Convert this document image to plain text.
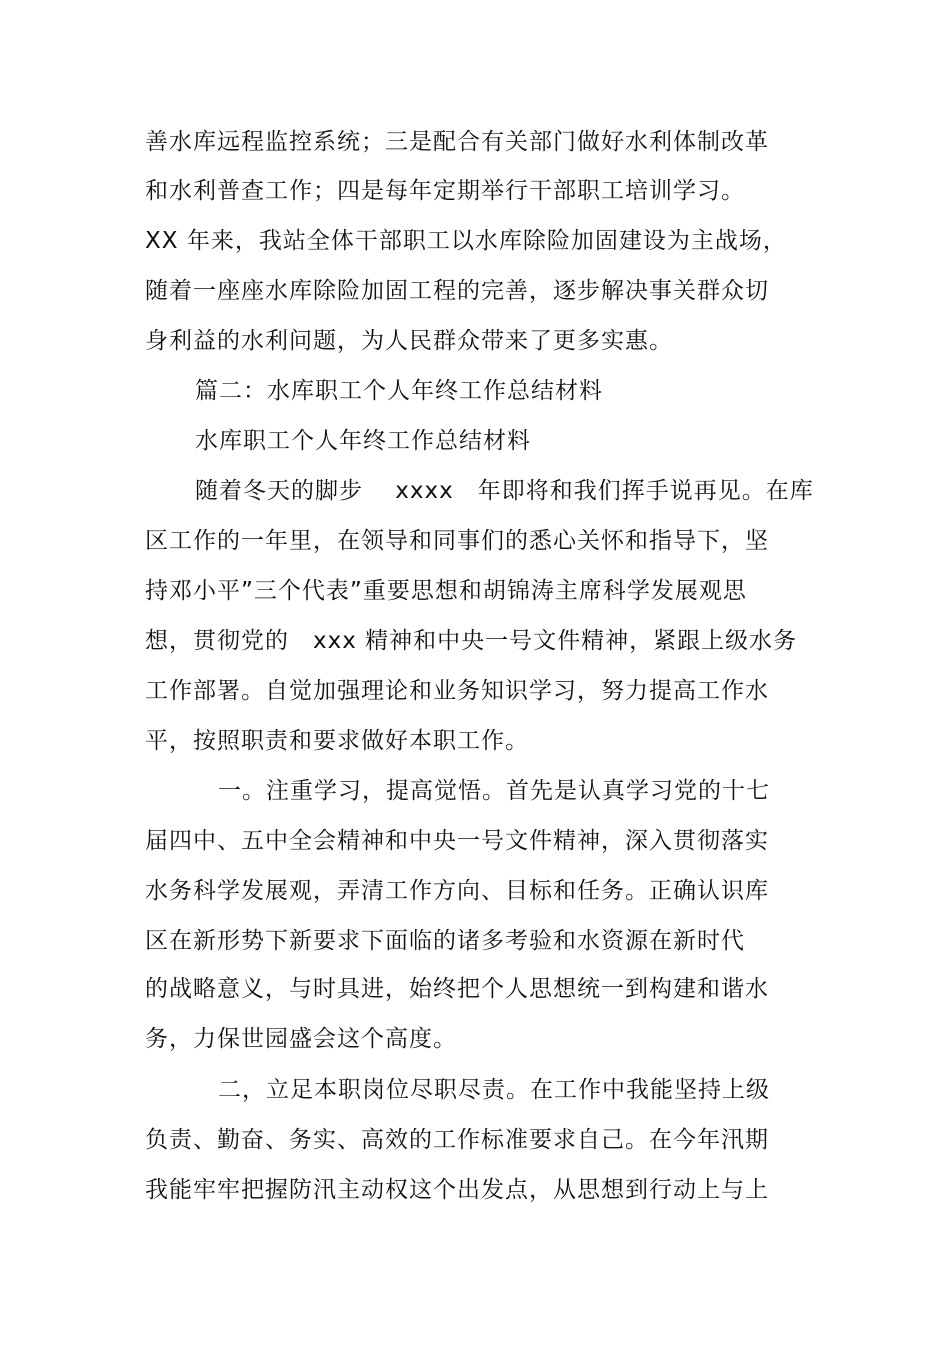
善水库远程监控系统；三是配合有关部门做好水利体制改革

和水利普查工作；四是每年定期举行干部职工培训学习。

XX 年来，我站全体干部职工以水库除险加固建设为主战场，

随着一座座水库除险加固工程的完善，逐步解决事关群众切

身利益的水利问题，为人民群众带来了更多实惠。

篇二：水库职工个人年终工作总结材料

水库职工个人年终工作总结材料

随着冬天的脚步　 xxxx　年即将和我们挥手说再见。在库

区工作的一年里，在领导和同事们的悉心关怀和指导下，坚

持邓小平”三个代表”重要思想和胡锦涛主席科学发展观思

想，贯彻党的　xxx 精神和中央一号文件精神，紧跟上级水务

工作部署。自觉加强理论和业务知识学习，努力提高工作水

平，按照职责和要求做好本职工作。

一。注重学习，提高觉悟。首先是认真学习党的十七

届四中、五中全会精神和中央一号文件精神，深入贯彻落实

水务科学发展观，弄清工作方向、目标和任务。正确认识库

区在新形势下新要求下面临的诸多考验和水资源在新时代

的战略意义，与时具进，始终把个人思想统一到构建和谐水

务，力保世园盛会这个高度。

二，立足本职岗位尽职尽责。在工作中我能坚持上级

负责、勤奋、务实、高效的工作标准要求自己。在今年汛期

我能牢牢把握防汛主动权这个出发点，从思想到行动上与上
